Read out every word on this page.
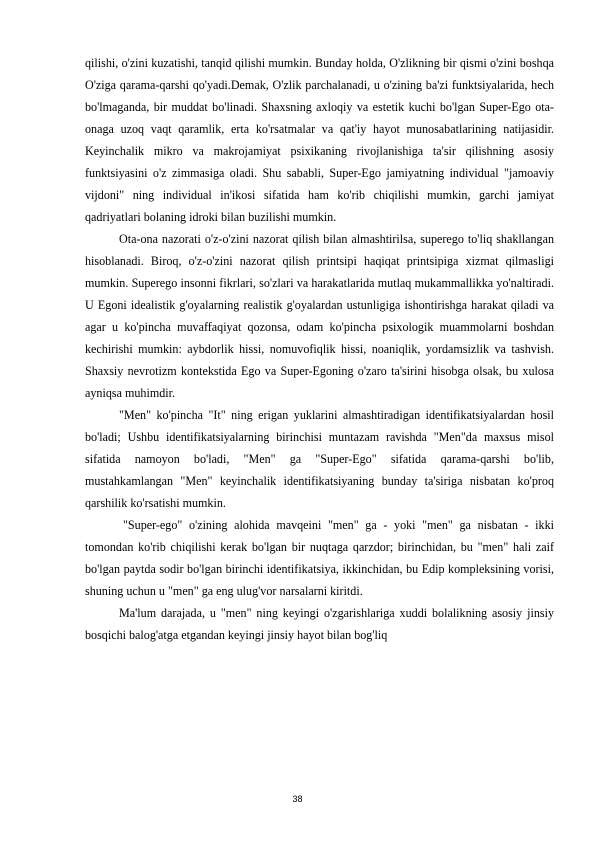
qilishi, o'zini kuzatishi, tanqid qilishi mumkin. Bunday holda, O'zlikning bir qismi o'zini boshqa O'ziga qarama-qarshi qo'yadi.Demak, O'zlik parchalanadi, u o'zining ba'zi funktsiyalarida, hech bo'lmaganda, bir muddat bo'linadi. Shaxsning axloqiy va estetik kuchi bo'lgan Super-Ego ota-onaga uzoq vaqt qaramlik, erta ko'rsatmalar va qat'iy hayot munosabatlarining natijasidir. Keyinchalik mikro va makrojamiyat psixikaning rivojlanishiga ta'sir qilishning asosiy funktsiyasini o'z zimmasiga oladi. Shu sababli, Super-Ego jamiyatning individual "jamoaviy vijdoni" ning individual in'ikosi sifatida ham ko'rib chiqilishi mumkin, garchi jamiyat qadriyatlari bolaning idroki bilan buzilishi mumkin.

Ota-ona nazorati o'z-o'zini nazorat qilish bilan almashtirilsa, superego to'liq shakllangan hisoblanadi. Biroq, o'z-o'zini nazorat qilish printsipi haqiqat printsipiga xizmat qilmasligi mumkin. Superego insonni fikrlari, so'zlari va harakatlarida mutlaq mukammallikka yo'naltiradi. U Egoni idealistik g'oyalarning realistik g'oyalardan ustunligiga ishontirishga harakat qiladi va agar u ko'pincha muvaffaqiyat qozonsa, odam ko'pincha psixologik muammolarni boshdan kechirishi mumkin: aybdorlik hissi, nomuvofiqlik hissi, noaniqlik, yordamsizlik va tashvish. Shaxsiy nevrotizm kontekstida Ego va Super-Egoning o'zaro ta'sirini hisobga olsak, bu xulosa ayniqsa muhimdir.

"Men" ko'pincha "It" ning erigan yuklarini almashtiradigan identifikatsiyalardan hosil bo'ladi; Ushbu identifikatsiyalarning birinchisi muntazam ravishda "Men"da maxsus misol sifatida namoyon bo'ladi, "Men" ga "Super-Ego" sifatida qarama-qarshi bo'lib, mustahkamlangan "Men" keyinchalik identifikatsiyaning bunday ta'siriga nisbatan ko'proq qarshilik ko'rsatishi mumkin.

"Super-ego" o'zining alohida mavqeini "men" ga - yoki "men" ga nisbatan - ikki tomondan ko'rib chiqilishi kerak bo'lgan bir nuqtaga qarzdor; birinchidan, bu "men" hali zaif bo'lgan paytda sodir bo'lgan birinchi identifikatsiya, ikkinchidan, bu Edip kompleksining vorisi, shuning uchun u "men" ga eng ulug'vor narsalarni kiritdi.

Ma'lum darajada, u "men" ning keyingi o'zgarishlariga xuddi bolalikning asosiy jinsiy bosqichi balog'atga etgandan keyingi jinsiy hayot bilan bog'liq

38
